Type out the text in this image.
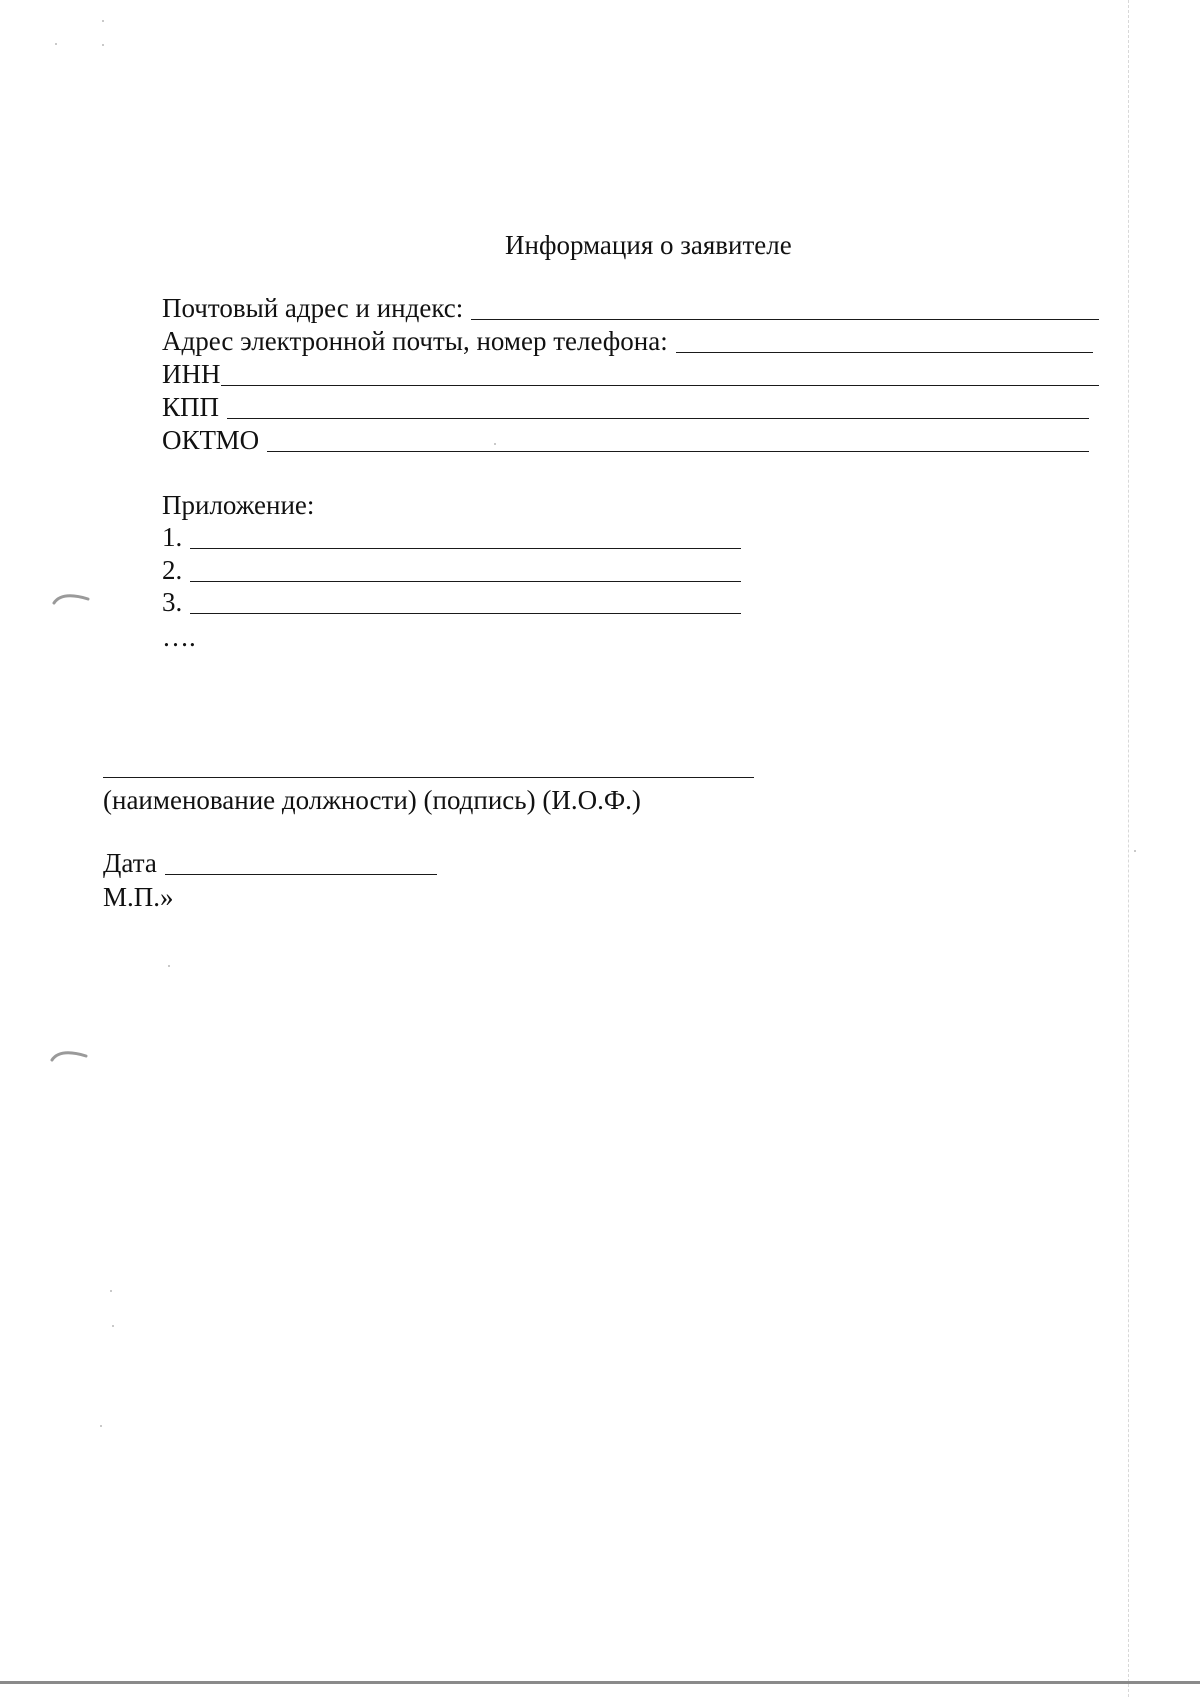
Информация о заявителе
Почтовый адрес и индекс:
Адрес электронной почты, номер телефона:
ИНН
КПП
ОКТМО
Приложение:
1.
2.
3.
….
(наименование должности) (подпись) (И.О.Ф.)
Дата
М.П.»
